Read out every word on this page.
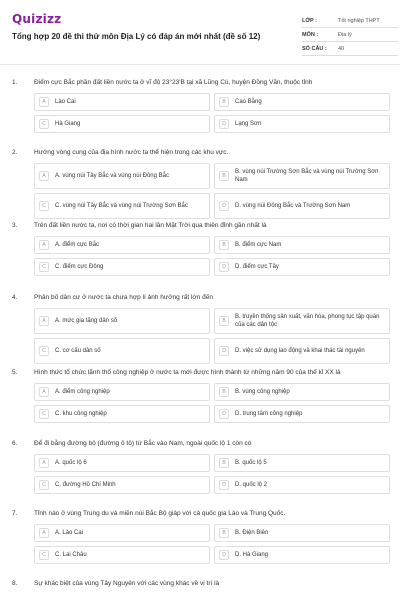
Quizizz
Tổng hợp 20 đề thi thử môn Địa Lý có đáp án mới nhất (đề số 12)
LỚP :	Tốt nghiệp THPT
MÔN :	Địa lý
SỐ CÂU :	40
1.	Điểm cực Bắc phần đất liền nước ta ở vĩ độ 23°23'B tại xã Lũng Cú, huyện Đồng Văn, thuộc tỉnh
A	Lào Cai	B	Cao Bằng
C	Hà Giang	D	Lạng Sơn
2.	Hướng vòng cung của địa hình nước ta thể hiện trong các khu vực.
A	A. vùng núi Tây Bắc và vùng núi Đông Bắc	B
B. vùng núi Trường Sơn Bắc và vùng núi Trường Sơn Nam
C	C. vùng núi Tây Bắc và vùng núi Trường Sơn Bắc	D	D. vùng núi Đông Bắc và Trường Sơn Nam
3.	Trên đất liền nước ta, nơi có thời gian hai lần Mặt Trời qua thiên đỉnh gần nhất là
A	A. điểm cực Bắc	B	B. điểm cực Nam
C	C. điểm cực Đông	D	D. điểm cực Tây
4.	Phân bố dân cư ở nước ta chưa hợp lí ảnh hưởng rất lớn đến
A	A. mức gia tăng dân số	B
B. truyền thống sản xuất, văn hóa, phong tục tập quán của các dân tộc
C	C. cơ cấu dân số	D	D. việc sử dụng lao động và khai thác tài nguyên
5.	Hình thức tổ chức lãnh thổ công nghiệp ở nước ta mới được hình thành từ những năm 90 của thế kỉ XX là
A	A. điểm công nghiệp	B	B. vùng công nghiệp
C	C. khu công nghiệp	D	D. trung tâm công nghiệp
6.	Để đi bằng đường bộ (đường ô tô) từ Bắc vào Nam, ngoài quốc lộ 1 còn có
A	A. quốc lộ 6	B	B. quốc lộ 5
C	C. đường Hồ Chí Minh	D	D. quốc lộ 2
7.	Tỉnh nào ở vùng Trung du và miền núi Bắc Bộ giáp với cả quốc gia Lào và Trung Quốc.
A	A. Lào Cai	B	B. Điện Biên
C	C. Lai Châu	D	D. Hà Giang
8.	Sự khác biệt của vùng Tây Nguyên với các vùng khác về vị trí là
